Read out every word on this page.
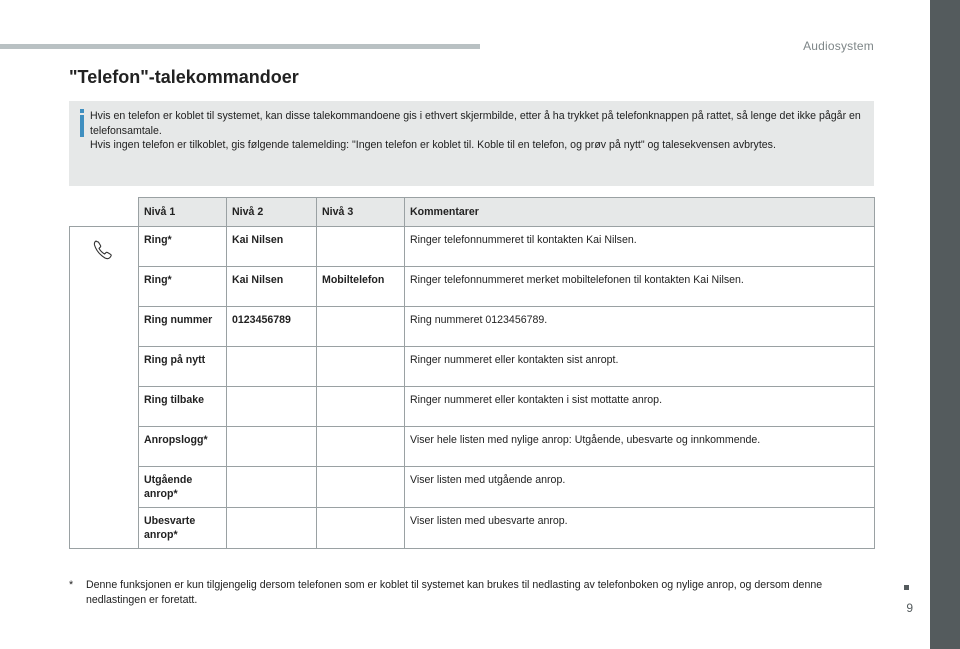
Audiosystem
9
"Telefon"-talekommandoer
Hvis en telefon er koblet til systemet, kan disse talekommandoene gis i ethvert skjermbilde, etter å ha trykket på telefonknappen på rattet, så lenge det ikke pågår en telefonsamtale.
Hvis ingen telefon er tilkoblet, gis følgende talemelding: "Ingen telefon er koblet til. Koble til en telefon, og prøv på nytt" og talesekvensen avbrytes.
	Nivå 1	Nivå 2	Nivå 3	Kommentarer

	Ring*	Kai Nilsen		Ringer telefonnummeret til kontakten Kai Nilsen.
	Ring*	Kai Nilsen	Mobiltelefon	Ringer telefonnummeret merket mobiltelefonen til kontakten Kai Nilsen.
	Ring nummer	0123456789		Ring nummeret 0123456789.
	Ring på nytt			Ringer nummeret eller kontakten sist anropt.
	Ring tilbake			Ringer nummeret eller kontakten i sist mottatte anrop.
	Anropslogg*			Viser hele listen med nylige anrop: Utgående, ubesvarte og innkommende.
	Utgående anrop*			Viser listen med utgående anrop.
	Ubesvarte anrop*			Viser listen med ubesvarte anrop.
* Denne funksjonen er kun tilgjengelig dersom telefonen som er koblet til systemet kan brukes til nedlasting av telefonboken og nylige anrop, og dersom denne nedlastingen er foretatt.
